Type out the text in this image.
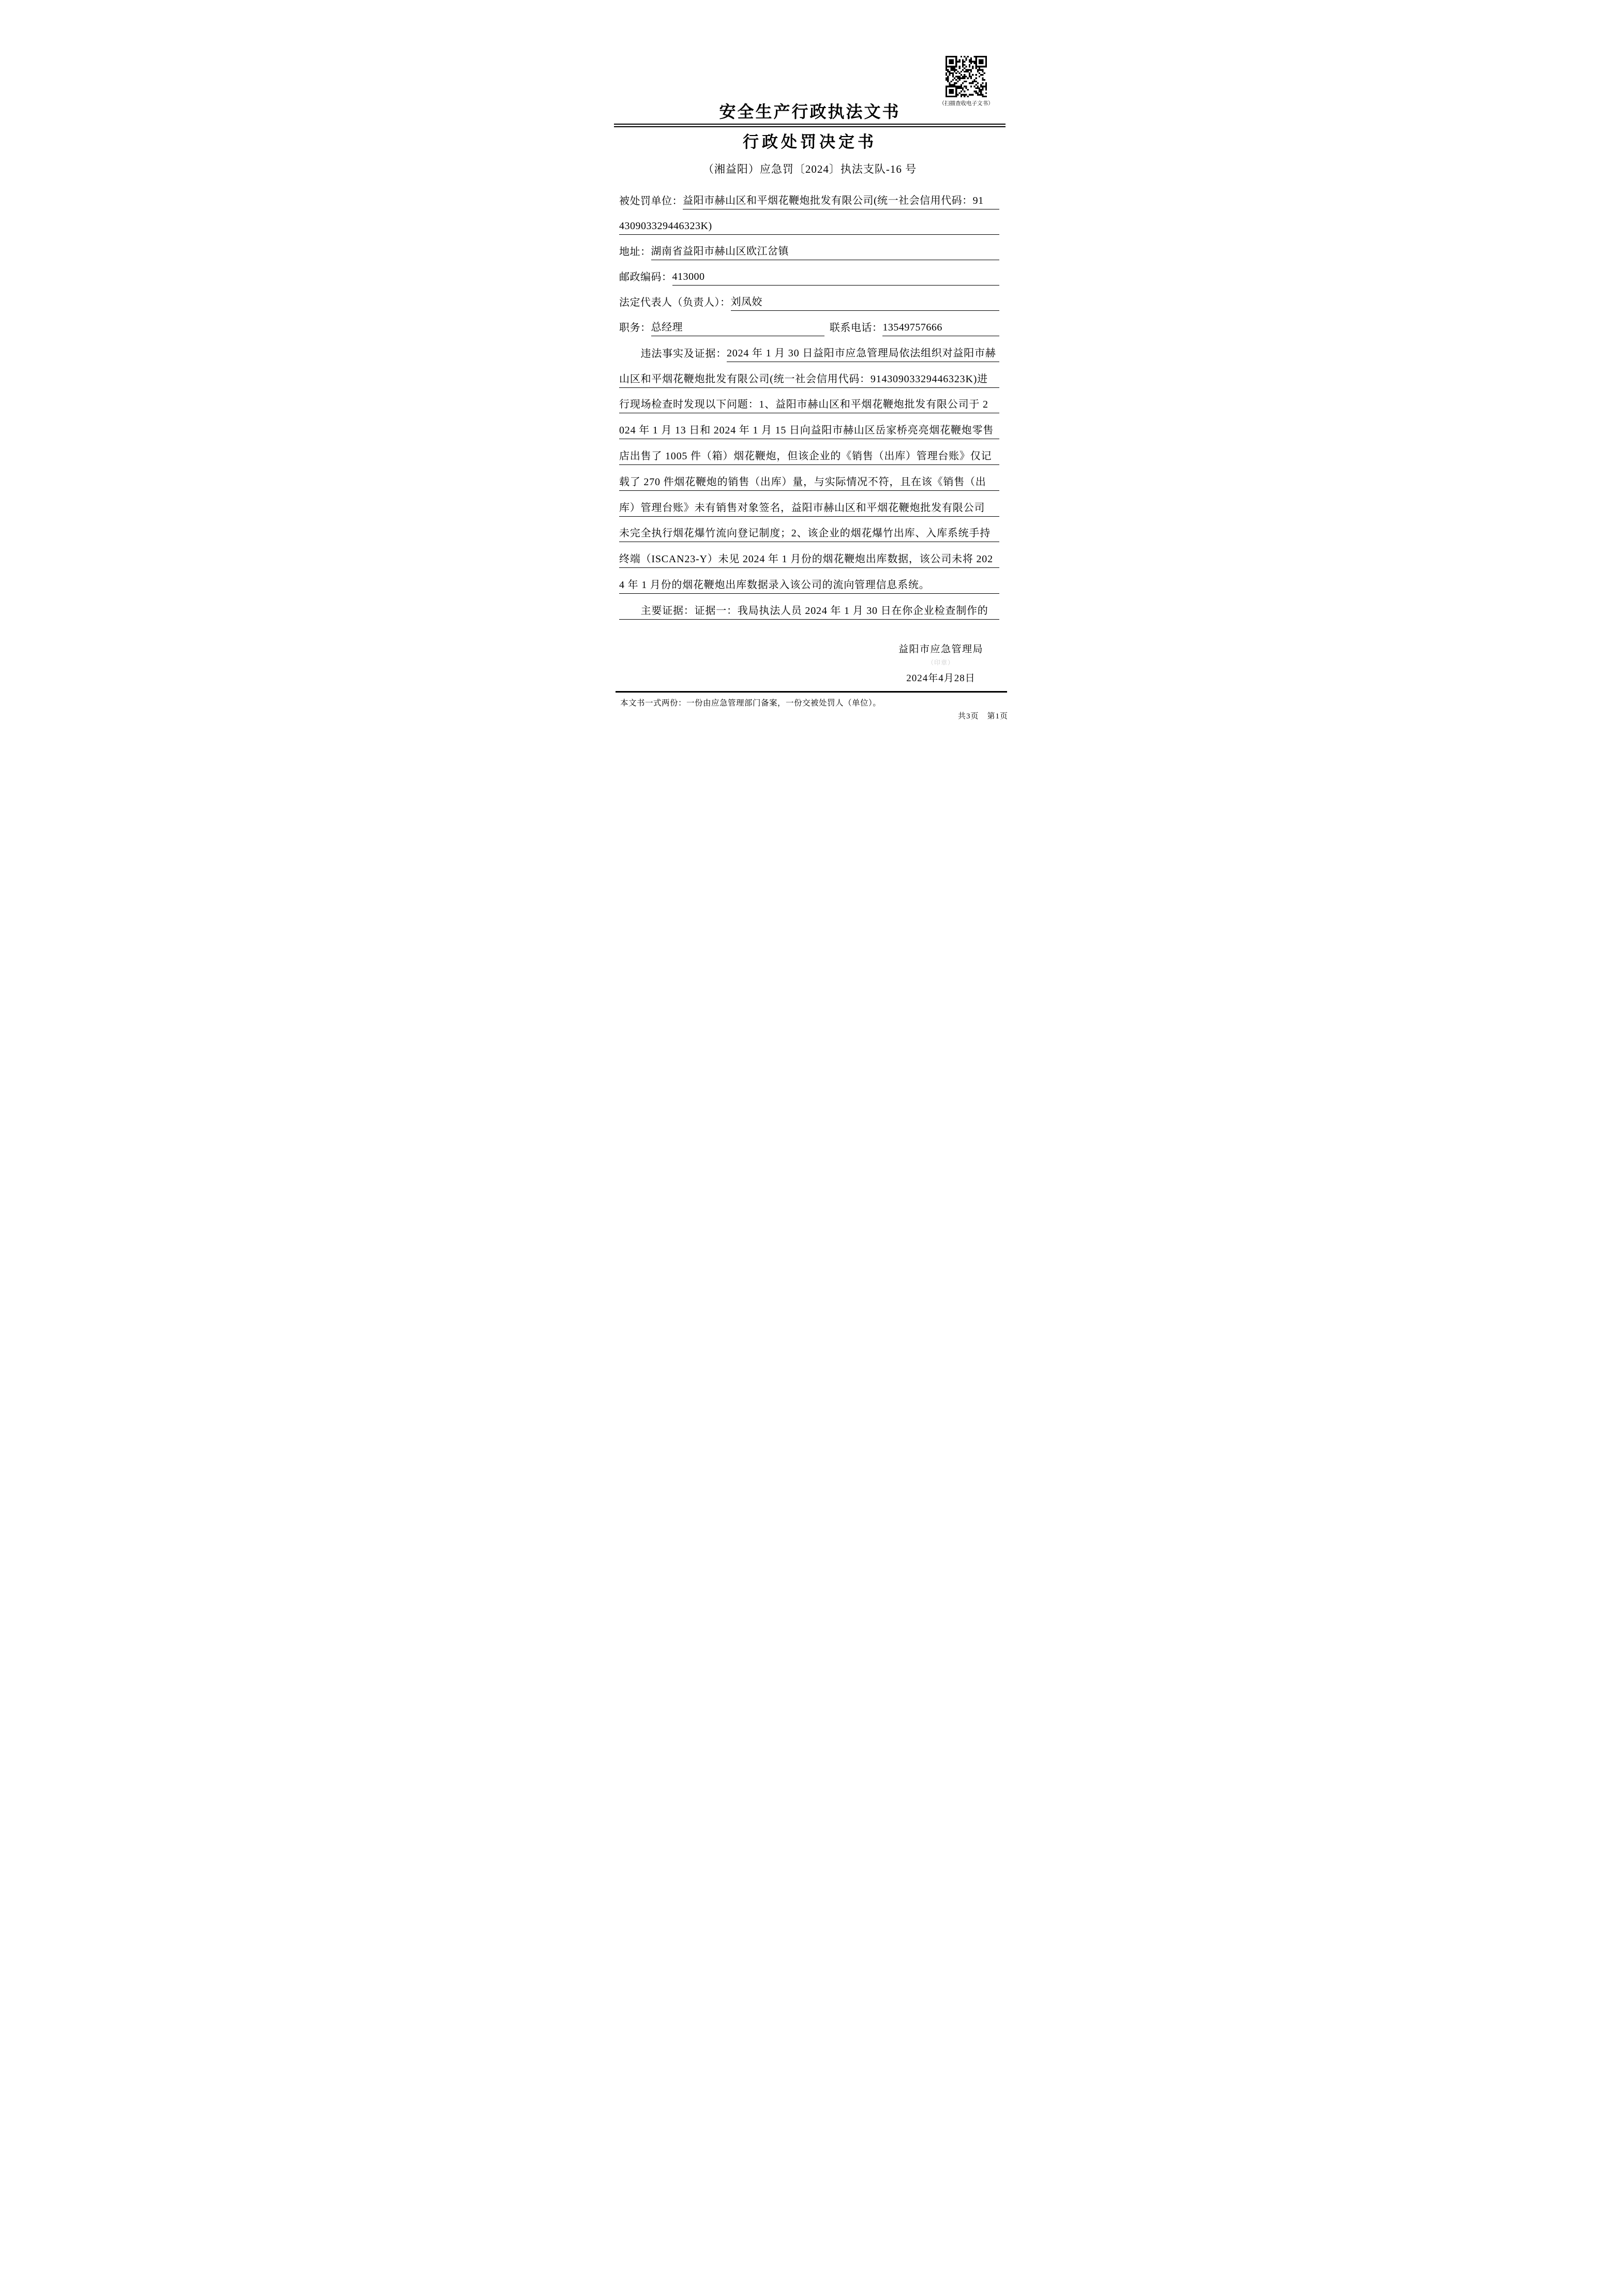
（扫描查收电子文书）
安全生产行政执法文书
行政处罚决定书
（湘益阳）应急罚〔2024〕执法支队-16 号
被处罚单位： 益阳市赫山区和平烟花鞭炮批发有限公司(统一社会信用代码：91
430903329446323K)
地址： 湖南省益阳市赫山区欧江岔镇
邮政编码： 413000
法定代表人（负责人）： 刘凤姣
职务： 总经理	联系电话： 13549757666
　　违法事实及证据： 2024 年 1 月 30 日益阳市应急管理局依法组织对益阳市赫
山区和平烟花鞭炮批发有限公司(统一社会信用代码：91430903329446323K)进
行现场检查时发现以下问题：1、益阳市赫山区和平烟花鞭炮批发有限公司于 2
024 年 1 月 13 日和 2024 年 1 月 15 日向益阳市赫山区岳家桥亮亮烟花鞭炮零售
店出售了 1005 件（箱）烟花鞭炮，但该企业的《销售（出库）管理台账》仅记
载了 270 件烟花鞭炮的销售（出库）量，与实际情况不符，且在该《销售（出
库）管理台账》未有销售对象签名，益阳市赫山区和平烟花鞭炮批发有限公司
未完全执行烟花爆竹流向登记制度；2、该企业的烟花爆竹出库、入库系统手持
终端（ISCAN23-Y）未见 2024 年 1 月份的烟花鞭炮出库数据，该公司未将 202
4 年 1 月份的烟花鞭炮出库数据录入该公司的流向管理信息系统。
　　主要证据：证据一：我局执法人员 2024 年 1 月 30 日在你企业检查制作的
益阳市应急管理局
（印章）
2024年4月28日
本文书一式两份：一份由应急管理部门备案，一份交被处罚人（单位）。
共3页　第1页
